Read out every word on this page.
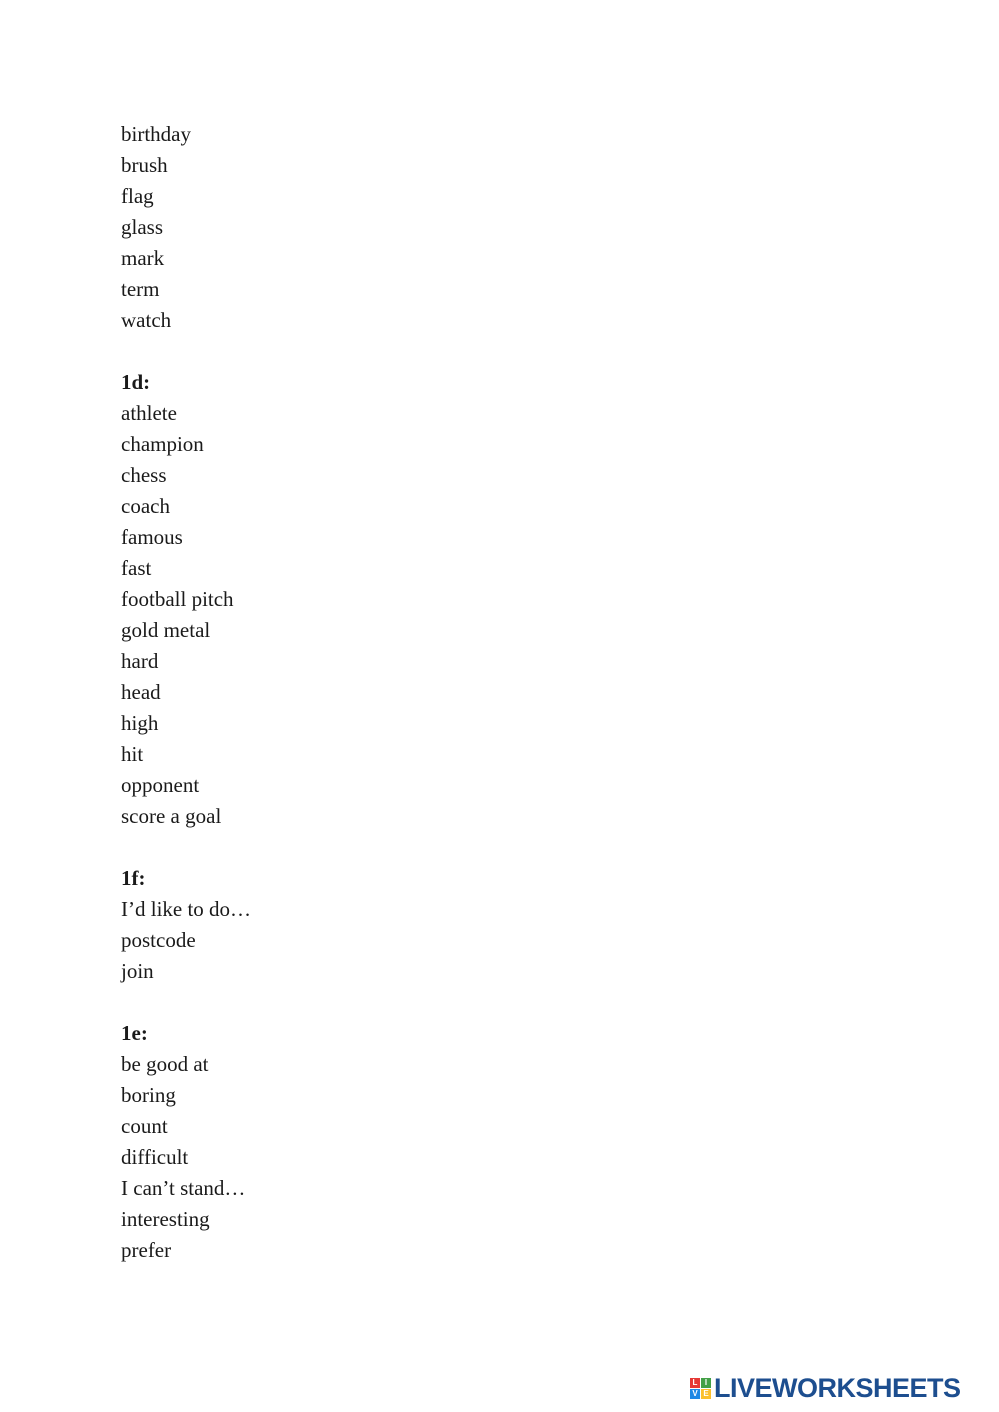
birthday
brush
flag
glass
mark
term
watch
1d:
athlete
champion
chess
coach
famous
fast
football pitch
gold metal
hard
head
high
hit
opponent
score a goal
1f:
I’d like to do…
postcode
join
1e:
be good at
boring
count
difficult
I can’t stand…
interesting
prefer
L I
V E LIVEWORKSHEETS
